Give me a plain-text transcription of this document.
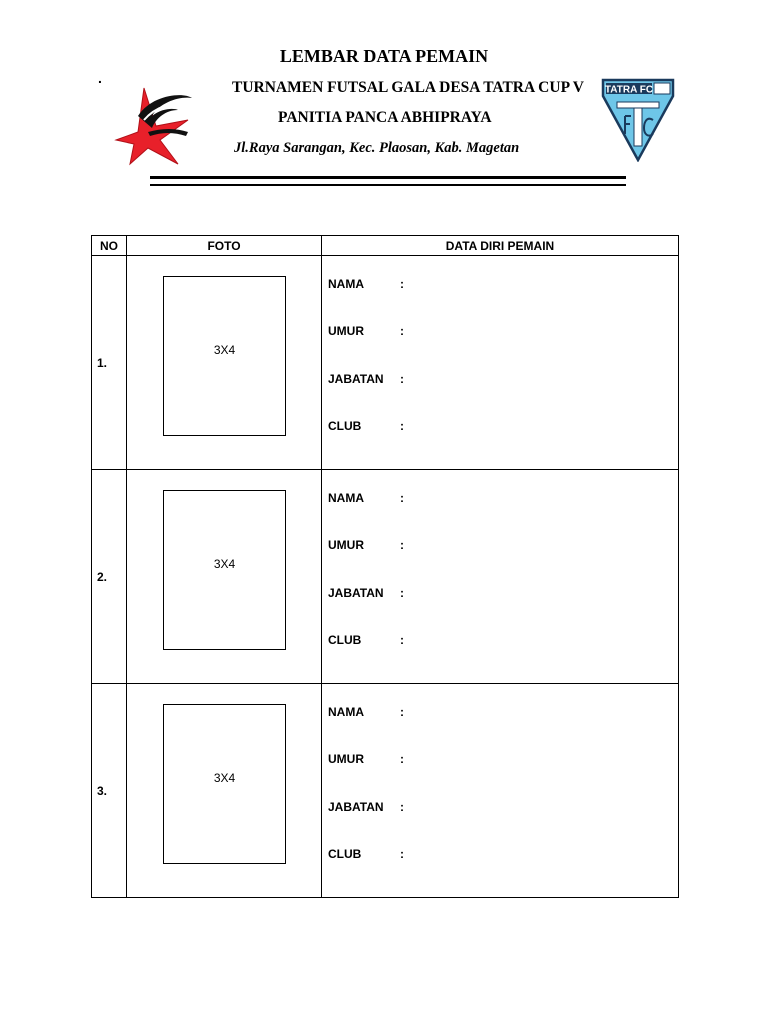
.
LEMBAR DATA PEMAIN
TURNAMEN FUTSAL GALA DESA TATRA CUP V
PANITIA PANCA ABHIPRAYA
Jl.Raya Sarangan, Kec. Plaosan, Kab. Magetan
TATRA FC
NO	FOTO	DATA DIRI PEMAIN
1.	3X4	NAMA :
UMUR :
JABATAN :
CLUB :

2.	3X4	NAMA :
UMUR :
JABATAN :
CLUB :

3.	3X4	NAMA :
UMUR :
JABATAN :
CLUB :
